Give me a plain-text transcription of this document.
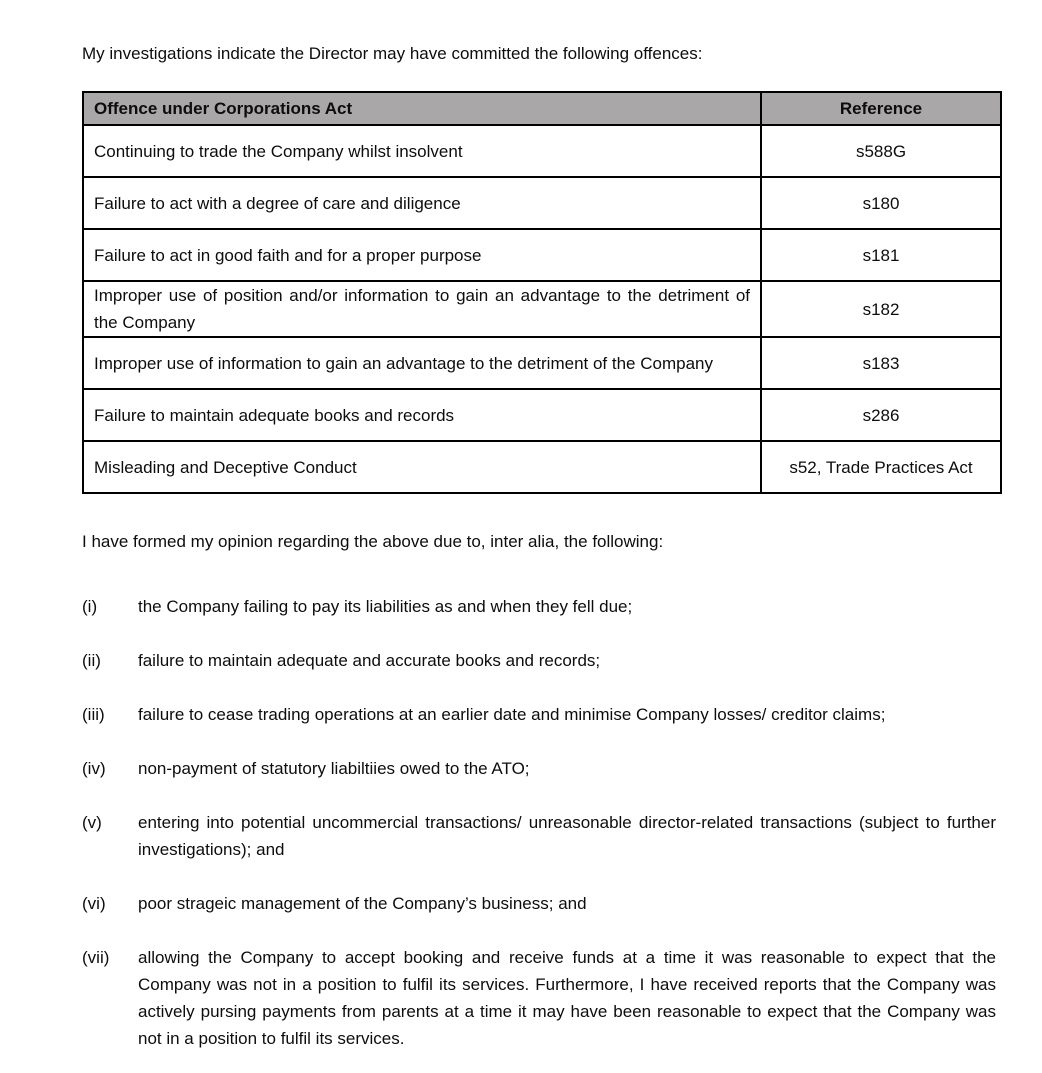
My investigations indicate the Director may have committed the following offences:

Offence under Corporations Act	Reference
Continuing to trade the Company whilst insolvent	s588G
Failure to act with a degree of care and diligence	s180
Failure to act in good faith and for a proper purpose	s181
Improper use of position and/or information to gain an advantage to the detriment of the Company	s182
Improper use of information to gain an advantage to the detriment of the Company	s183
Failure to maintain adequate books and records	s286
Misleading and Deceptive Conduct	s52, Trade Practices Act

I have formed my opinion regarding the above due to, inter alia, the following:

(i)	the Company failing to pay its liabilities as and when they fell due;
(ii)	failure to maintain adequate and accurate books and records;
(iii)	failure to cease trading operations at an earlier date and minimise Company losses/ creditor claims;
(iv)	non-payment of statutory liabiltiies owed to the ATO;
(v)	entering into potential uncommercial transactions/ unreasonable director-related transactions (subject to further investigations); and
(vi)	poor strageic management of the Company’s business; and
(vii)	allowing the Company to accept booking and receive funds at a time it was reasonable to expect that the Company was not in a position to fulfil its services. Furthermore, I have received reports that the Company was actively pursing payments from parents at a time it may have been reasonable to expect that the Company was not in a position to fulfil its services.
